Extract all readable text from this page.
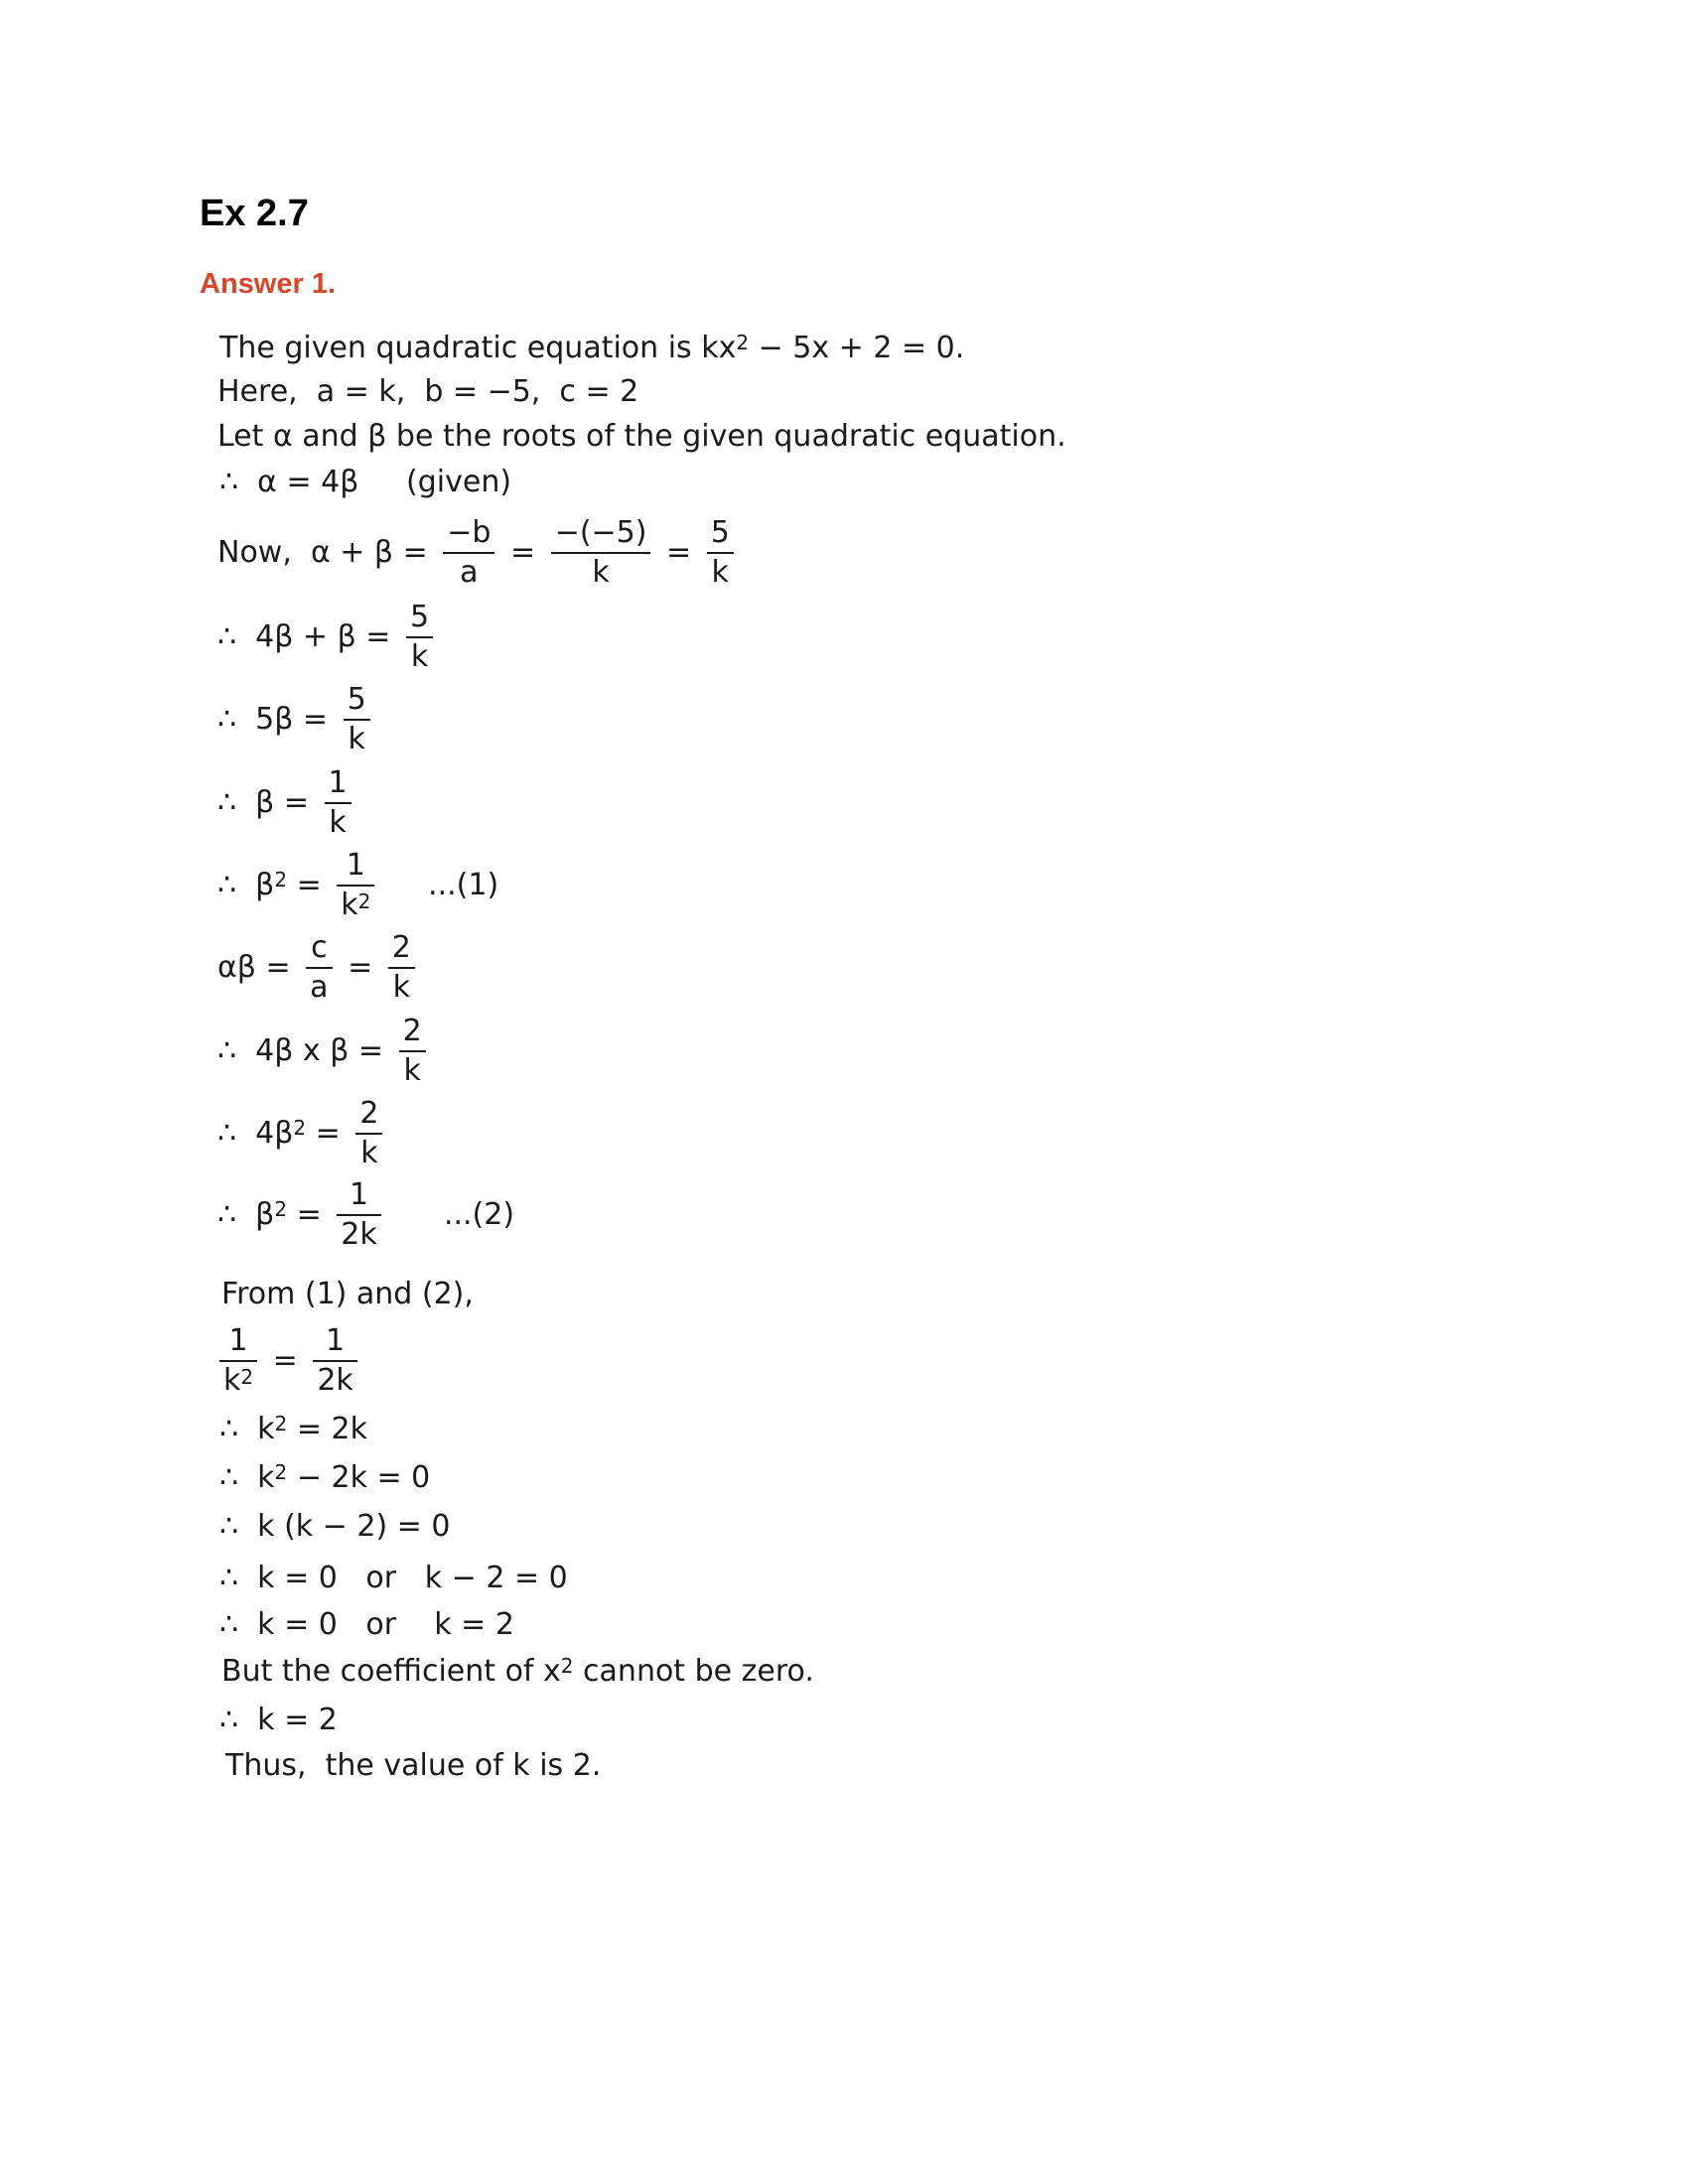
Ex 2.7
Answer 1.
The given quadratic equation is $kx^2 - 5x + 2 = 0$.
Here,  a = k,  b = −5,  c = 2
Let α and β be the roots of the given quadratic equation.
∴  α = 4β     (given)
Now,  $\alpha + \beta = \frac{-b}{a} = \frac{-(-5)}{k} = \frac{5}{k}$
∴  $4\beta + \beta = \frac{5}{k}$
∴  $5\beta = \frac{5}{k}$
∴  $\beta = \frac{1}{k}$
∴  $\beta^2 = \frac{1}{k^2} ...(1)$
$\alpha\beta = \frac{c}{a} = \frac{2}{k}$
∴  4β x $\beta = \frac{2}{k}$
∴  $4\beta^2 = \frac{2}{k}$
∴  $\beta^2 = \frac{1}{2k} ...(2)$
From (1) and (2),
$\frac{1}{k^2} = \frac{1}{2k}$
∴  $k^2 = 2k$
∴  $k^2 - 2k = 0$
∴  k (k − 2) = 0
∴  k = 0   or   k − 2 = 0
∴  k = 0   or    k = 2
But the coefficient of $x^2$ cannot be zero.
∴  k = 2
Thus,  the value of k is 2.
